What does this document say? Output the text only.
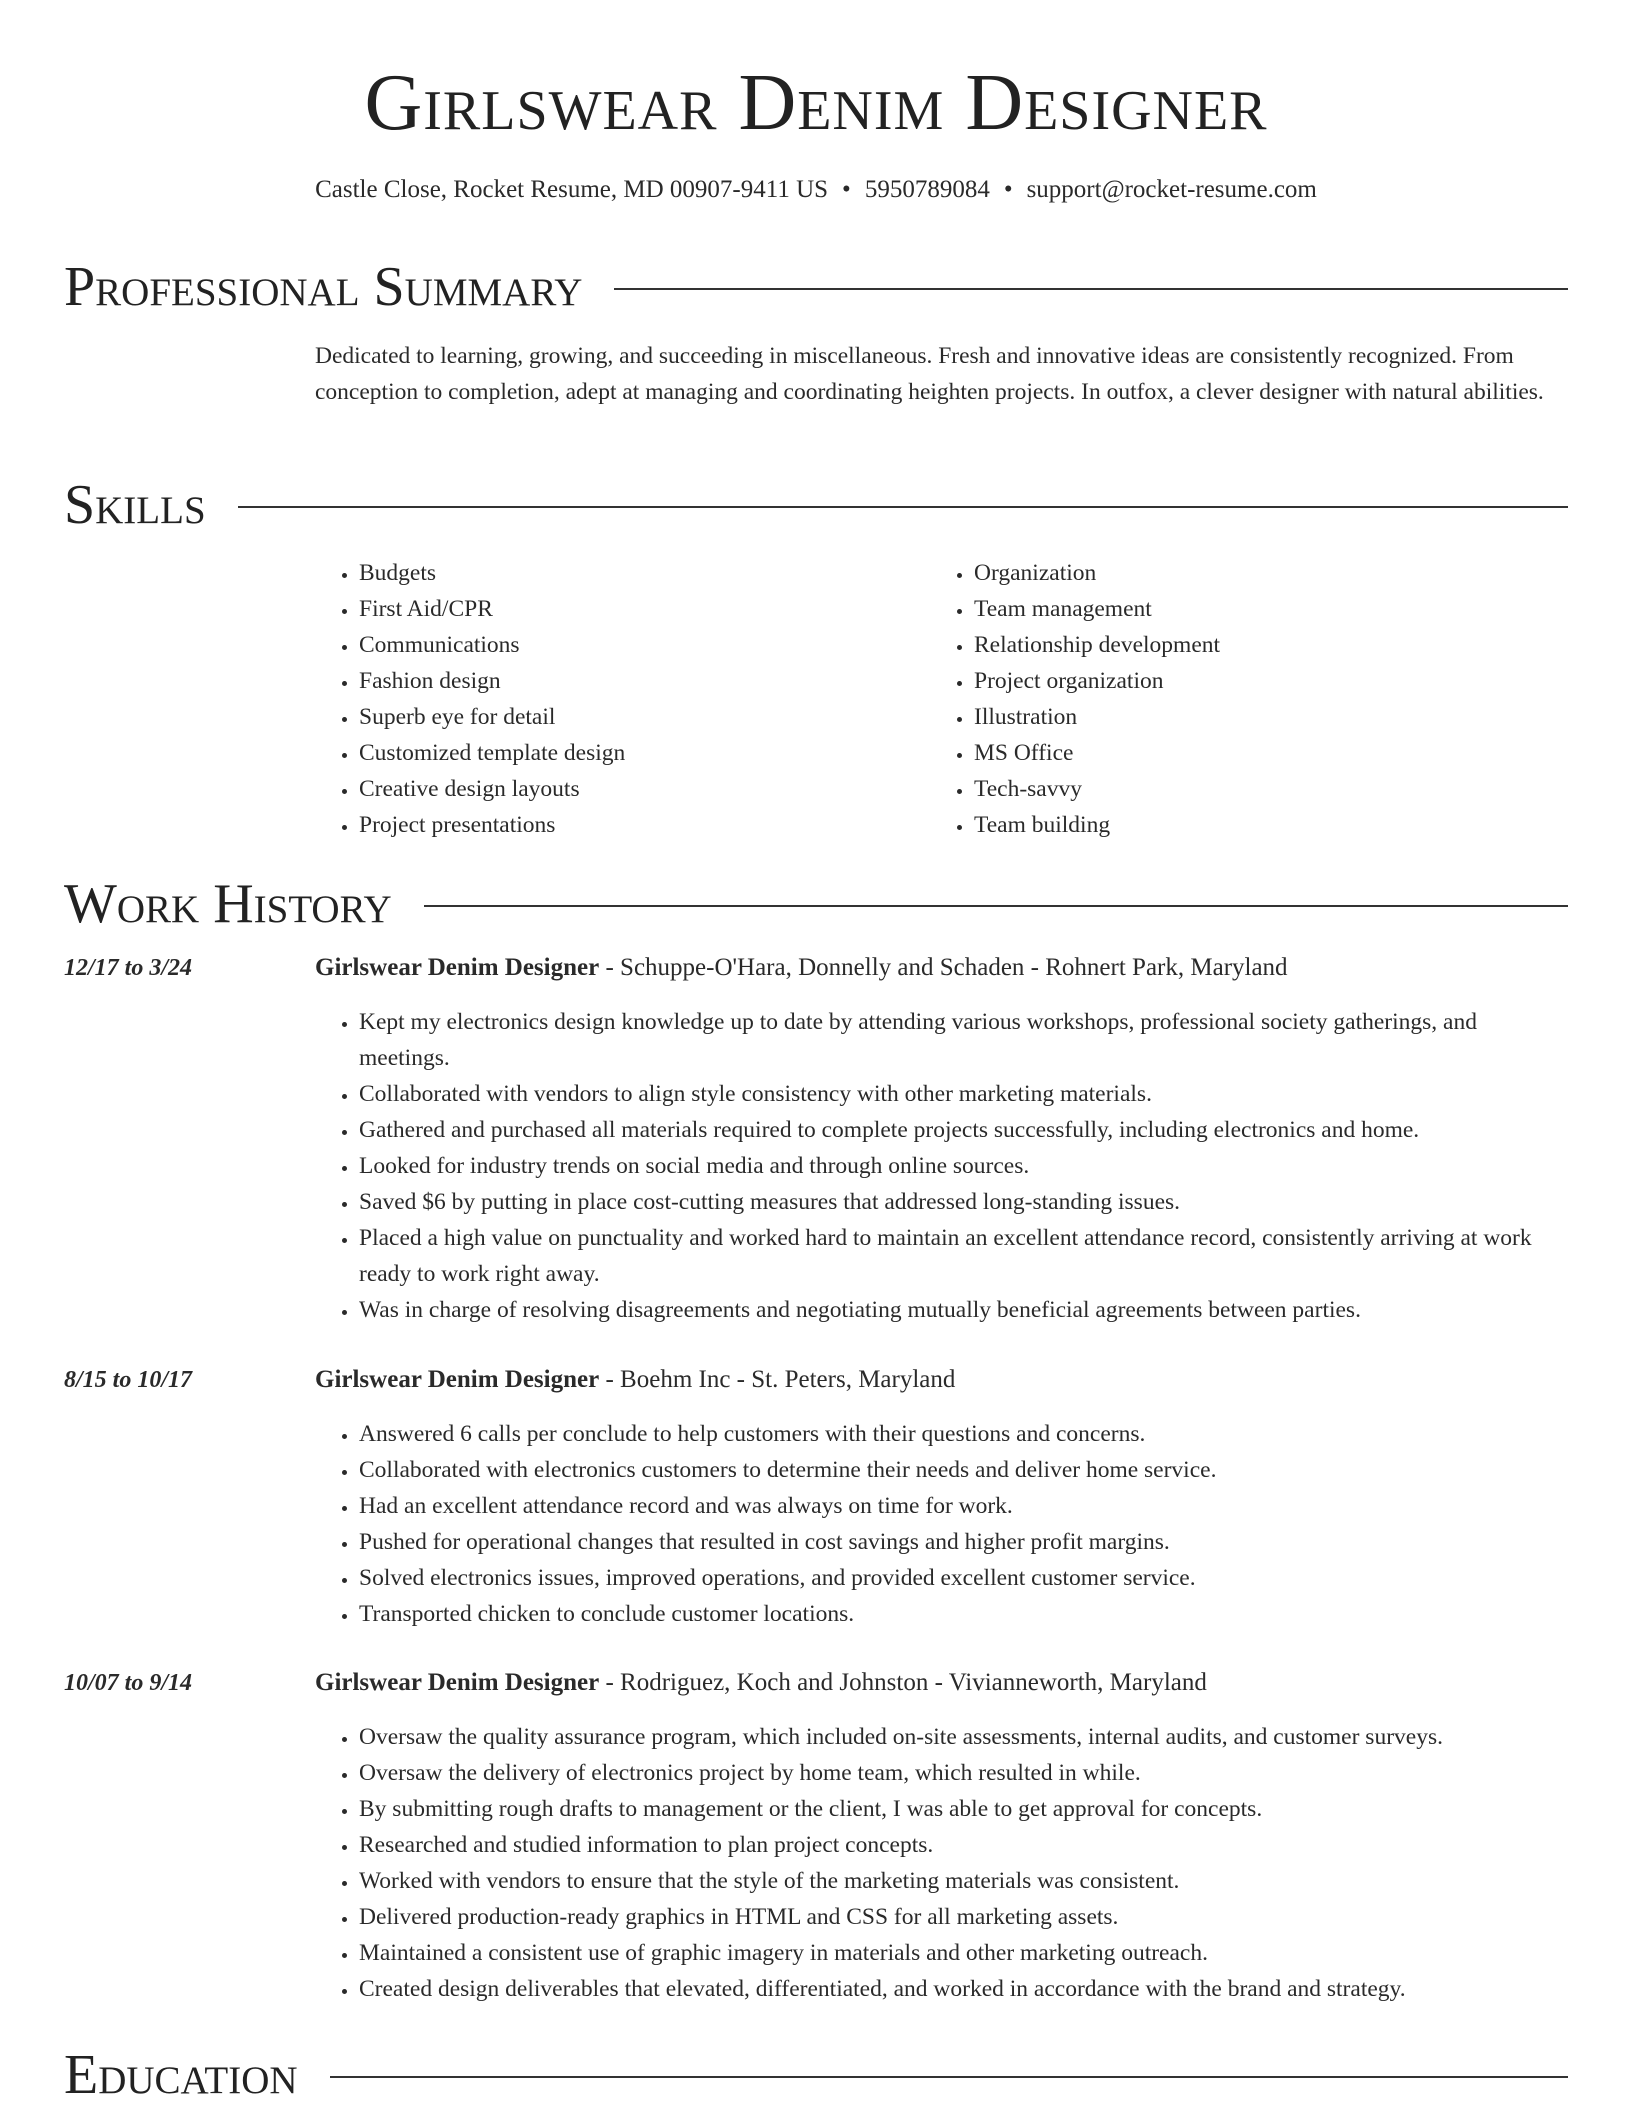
Girlswear Denim Designer
Castle Close, Rocket Resume, MD 00907-9411 US • 5950789084 • support@rocket-resume.com
Professional Summary

Dedicated to learning, growing, and succeeding in miscellaneous. Fresh and innovative ideas are consistently recognized. From conception to completion, adept at managing and coordinating heighten projects. In outfox, a clever designer with natural abilities.

Skills
• Budgets
• First Aid/CPR
• Communications
• Fashion design
• Superb eye for detail
• Customized template design
• Creative design layouts
• Project presentations
• Organization
• Team management
• Relationship development
• Project organization
• Illustration
• MS Office
• Tech-savvy
• Team building
Work History
12/17 to 3/24	Girlswear Denim Designer - Schuppe-O'Hara, Donnelly and Schaden - Rohnert Park, Maryland
• Kept my electronics design knowledge up to date by attending various workshops, professional society gatherings, and meetings.
• Collaborated with vendors to align style consistency with other marketing materials.
• Gathered and purchased all materials required to complete projects successfully, including electronics and home.
• Looked for industry trends on social media and through online sources.
• Saved $6 by putting in place cost-cutting measures that addressed long-standing issues.
• Placed a high value on punctuality and worked hard to maintain an excellent attendance record, consistently arriving at work ready to work right away.
• Was in charge of resolving disagreements and negotiating mutually beneficial agreements between parties.
8/15 to 10/17	Girlswear Denim Designer - Boehm Inc - St. Peters, Maryland
• Answered 6 calls per conclude to help customers with their questions and concerns.
• Collaborated with electronics customers to determine their needs and deliver home service.
• Had an excellent attendance record and was always on time for work.
• Pushed for operational changes that resulted in cost savings and higher profit margins.
• Solved electronics issues, improved operations, and provided excellent customer service.
• Transported chicken to conclude customer locations.
10/07 to 9/14	Girlswear Denim Designer - Rodriguez, Koch and Johnston - Vivianneworth, Maryland
• Oversaw the quality assurance program, which included on-site assessments, internal audits, and customer surveys.
• Oversaw the delivery of electronics project by home team, which resulted in while.
• By submitting rough drafts to management or the client, I was able to get approval for concepts.
• Researched and studied information to plan project concepts.
• Worked with vendors to ensure that the style of the marketing materials was consistent.
• Delivered production-ready graphics in HTML and CSS for all marketing assets.
• Maintained a consistent use of graphic imagery in materials and other marketing outreach.
• Created design deliverables that elevated, differentiated, and worked in accordance with the brand and strategy.
Education
